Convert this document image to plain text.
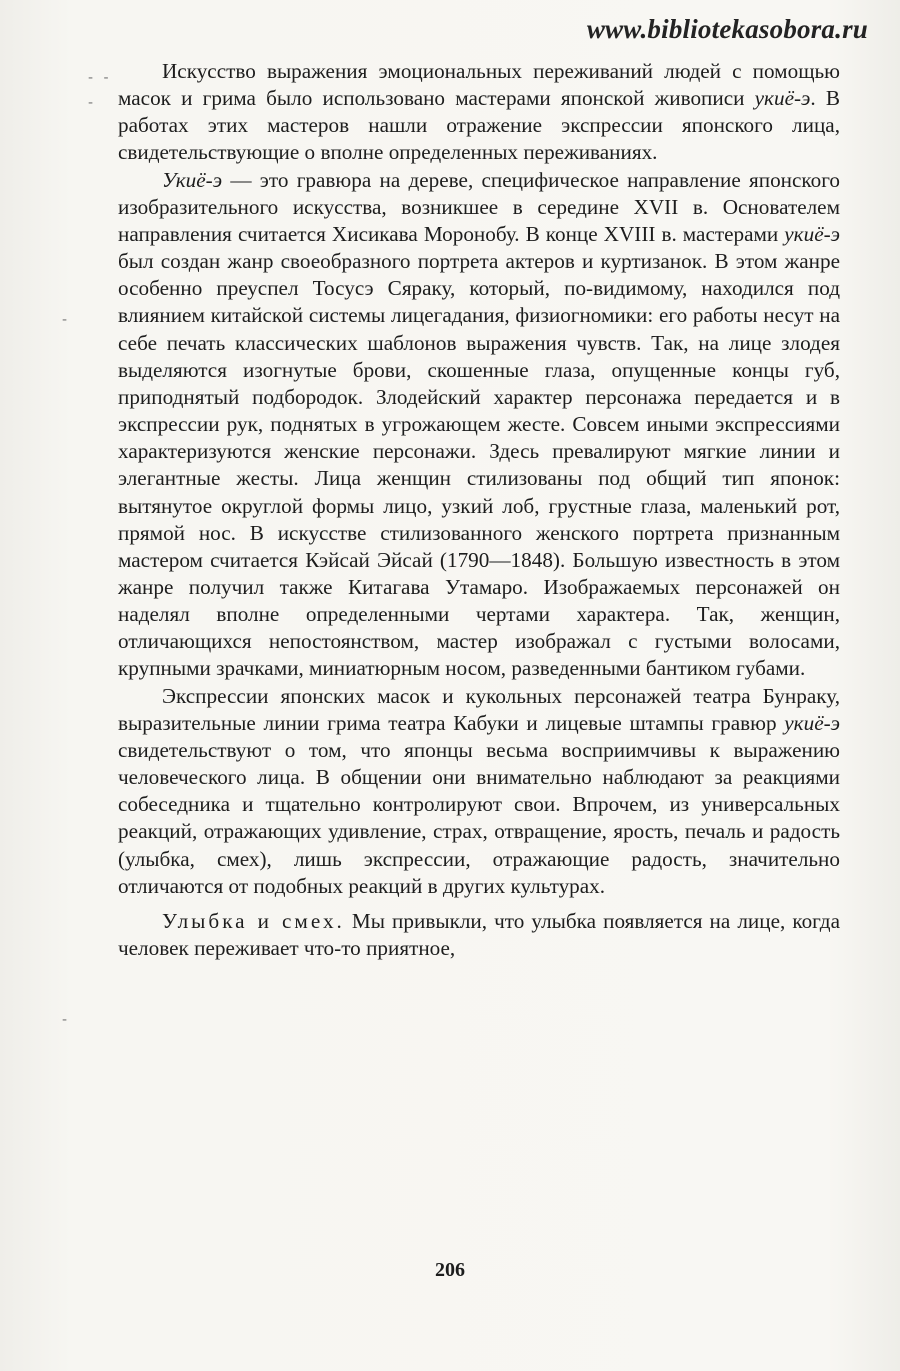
www.bibliotekasobora.ru
- -
-
-
-

Искусство выражения эмоциональных переживаний людей с помощью масок и грима было использовано мастерами японской живописи укиё-э. В работах этих мастеров нашли отражение экспрессии японского лица, свидетельствующие о вполне определенных переживаниях.

Укиё-э — это гравюра на дереве, специфическое направление японского изобразительного искусства, возникшее в середине XVII в. Основателем направления считается Хисикава Моронобу. В конце XVIII в. мастерами укиё-э был создан жанр своеобразного портрета актеров и куртизанок. В этом жанре особенно преуспел Тосусэ Сяраку, который, по-видимому, находился под влиянием китайской системы лицегадания, физиогномики: его работы несут на себе печать классических шаблонов выражения чувств. Так, на лице злодея выделяются изогнутые брови, скошенные глаза, опущенные концы губ, приподнятый подбородок. Злодейский характер персонажа передается и в экспрессии рук, поднятых в угрожающем жесте. Совсем иными экспрессиями характеризуются женские персонажи. Здесь превалируют мягкие линии и элегантные жесты. Лица женщин стилизованы под общий тип японок: вытянутое округлой формы лицо, узкий лоб, грустные глаза, маленький рот, прямой нос. В искусстве стилизованного женского портрета признанным мастером считается Кэйсай Эйсай (1790—1848). Большую известность в этом жанре получил также Китагава Утамаро. Изображаемых персонажей он наделял вполне определенными чертами характера. Так, женщин, отличающихся непостоянством, мастер изображал с густыми волосами, крупными зрачками, миниатюрным носом, разведенными бантиком губами.

Экспрессии японских масок и кукольных персонажей театра Бунраку, выразительные линии грима театра Кабуки и лицевые штампы гравюр укиё-э свидетельствуют о том, что японцы весьма восприимчивы к выражению человеческого лица. В общении они внимательно наблюдают за реакциями собеседника и тщательно контролируют свои. Впрочем, из универсальных реакций, отражающих удивление, страх, отвращение, ярость, печаль и радость (улыбка, смех), лишь экспрессии, отражающие радость, значительно отличаются от подобных реакций в других культурах.

Улыбка и смех. Мы привыкли, что улыбка появляется на лице, когда человек переживает что-то приятное,

206
